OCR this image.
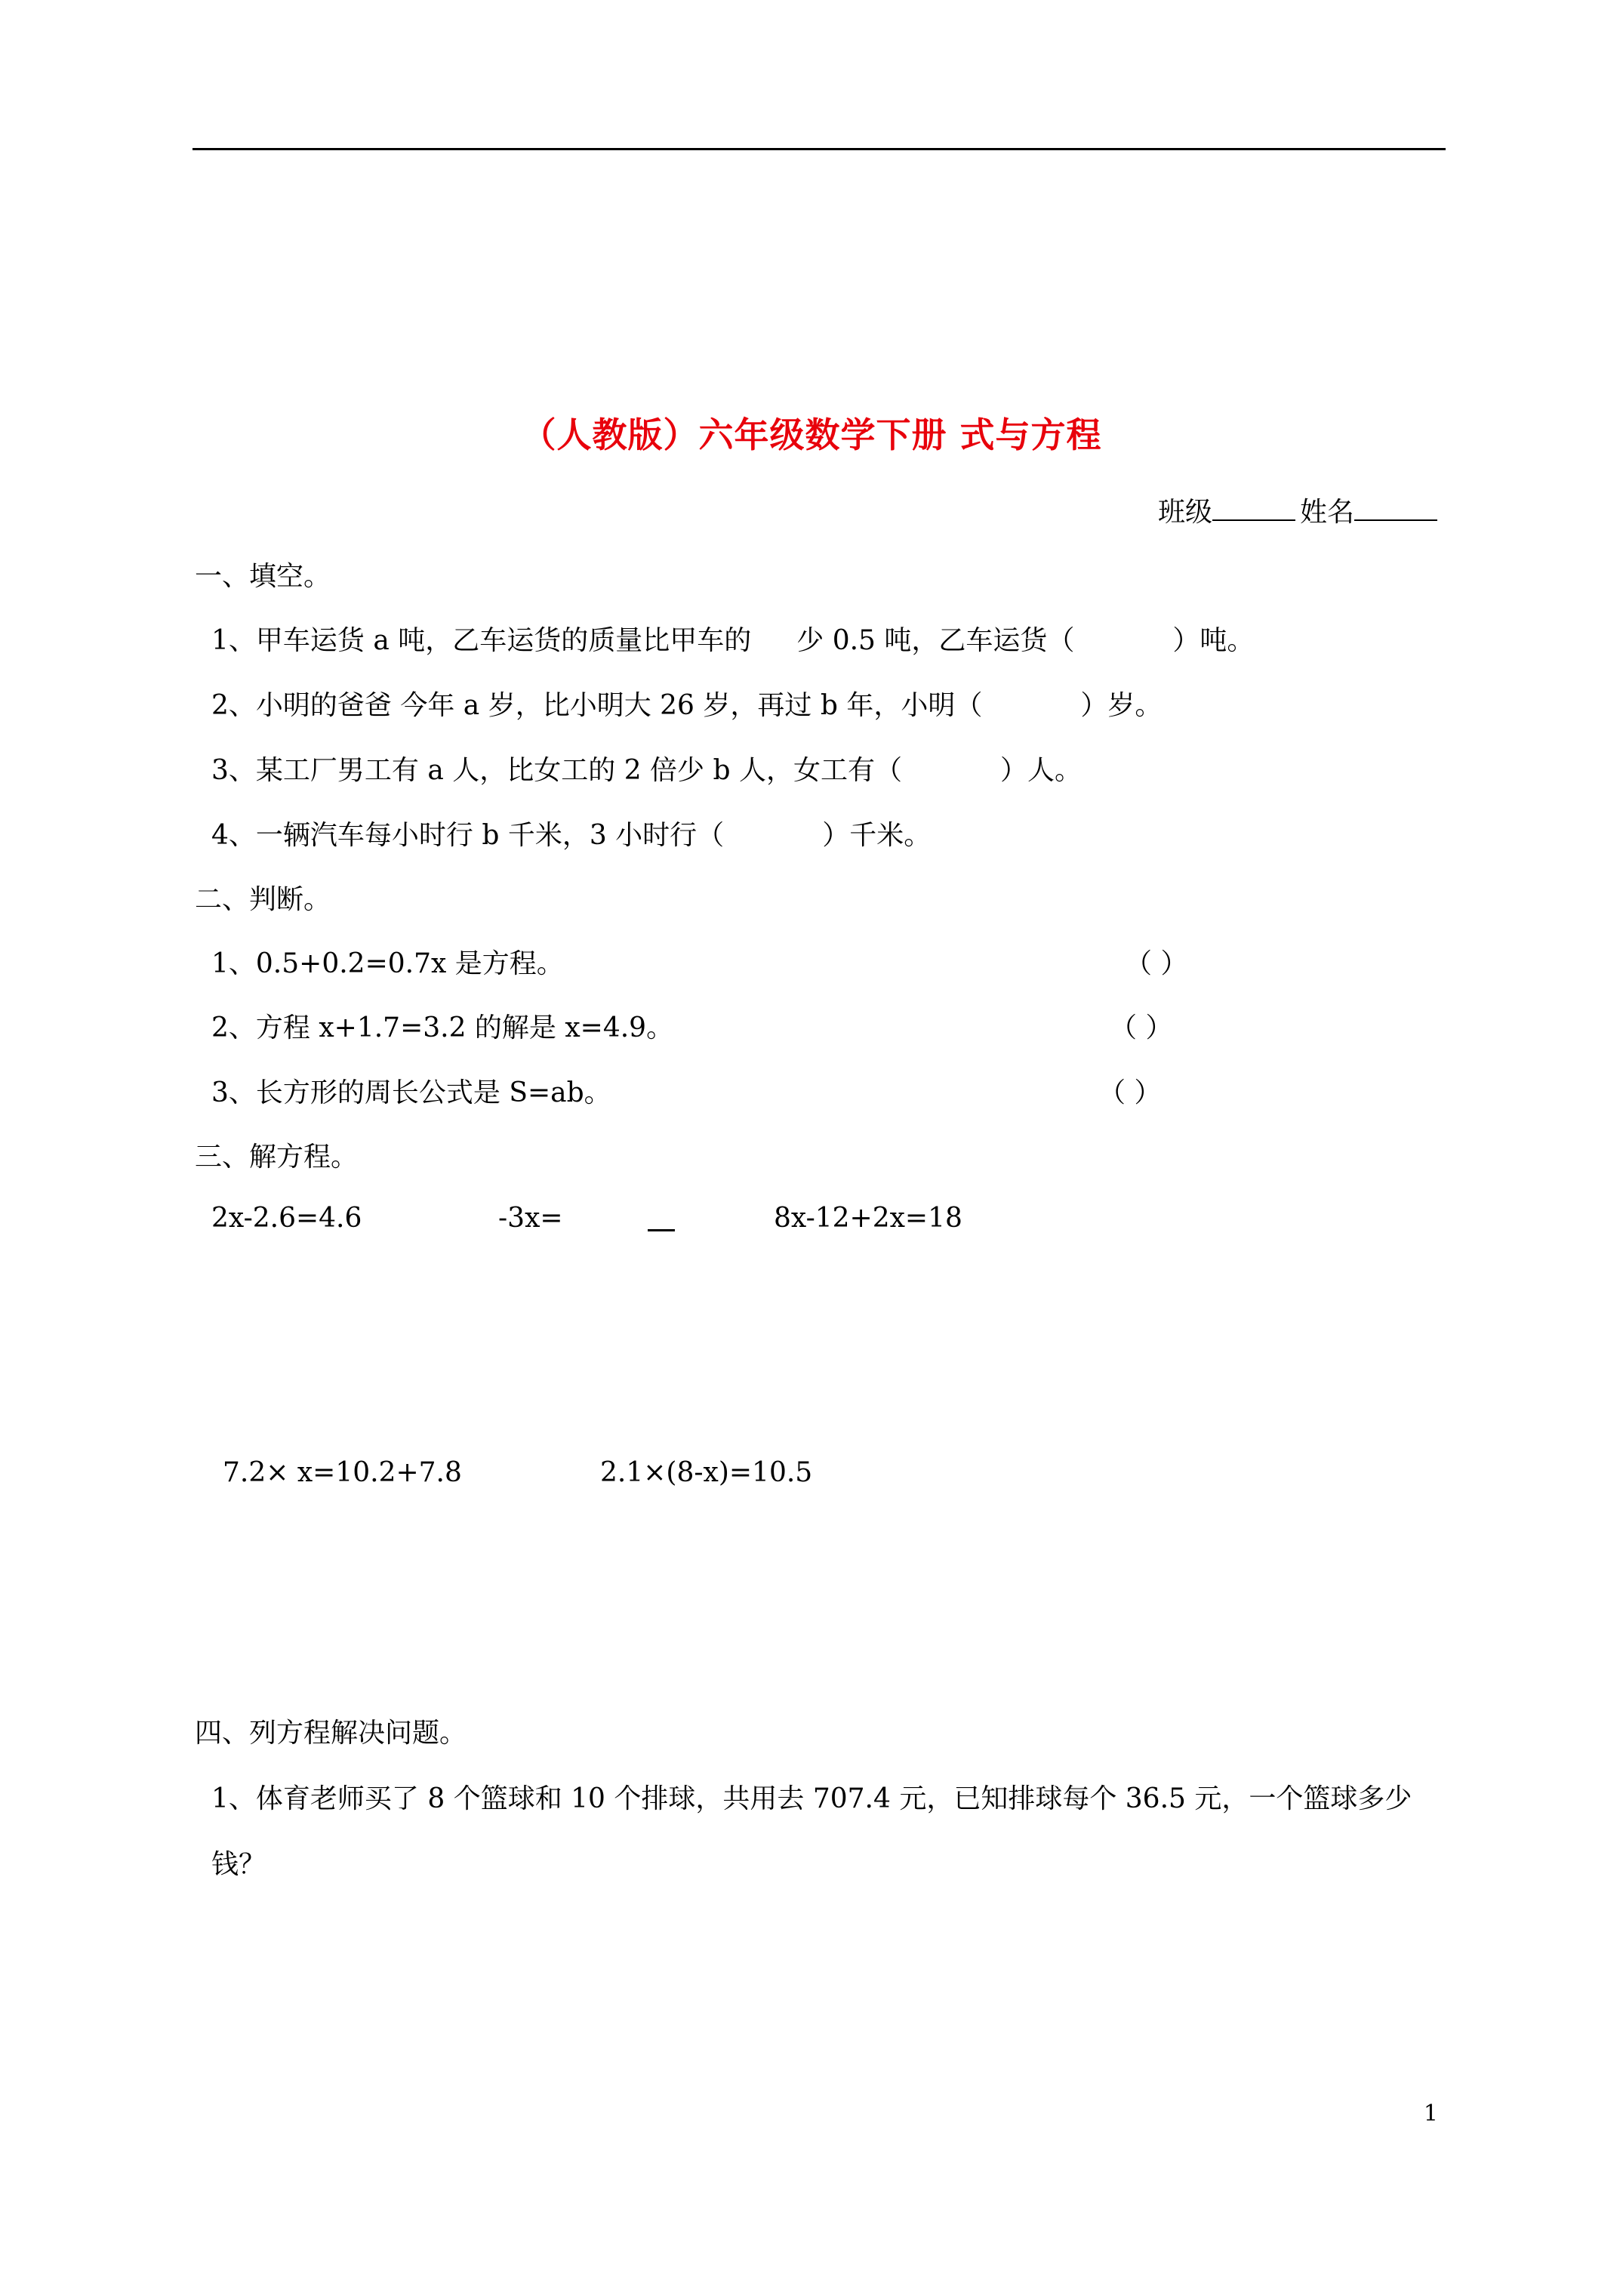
（人教版）六年级数学下册 式与方程
班级	姓名
一、填空。
1、甲车运货 a 吨，乙车运货的质量比甲车的 少 0.5 吨，乙车运货（	）吨。
2、小明的爸爸 今年 a 岁，比小明大 26 岁，再过 b 年，小明（	）岁。
3、某工厂男工有 a 人，比女工的 2 倍少 b 人，女工有（	）人。
4、一辆汽车每小时行 b 千米，3 小时行（	）千米。
二、判断。
1、0.5+0.2=0.7x 是方程。	（ ）
2、方程 x+1.7=3.2 的解是 x=4.9。	（ ）
3、长方形的周长公式是 S=ab。	（ ）
三、解方程。
2x-2.6=4.6	-3x=	8x-12+2x=18
7.2× x=10.2+7.8	2.1×(8-x)=10.5
四、列方程解决问题。
1、体育老师买了 8 个篮球和 10 个排球，共用去 707.4 元，已知排球每个 36.5 元，一个篮球多少
钱？
1
